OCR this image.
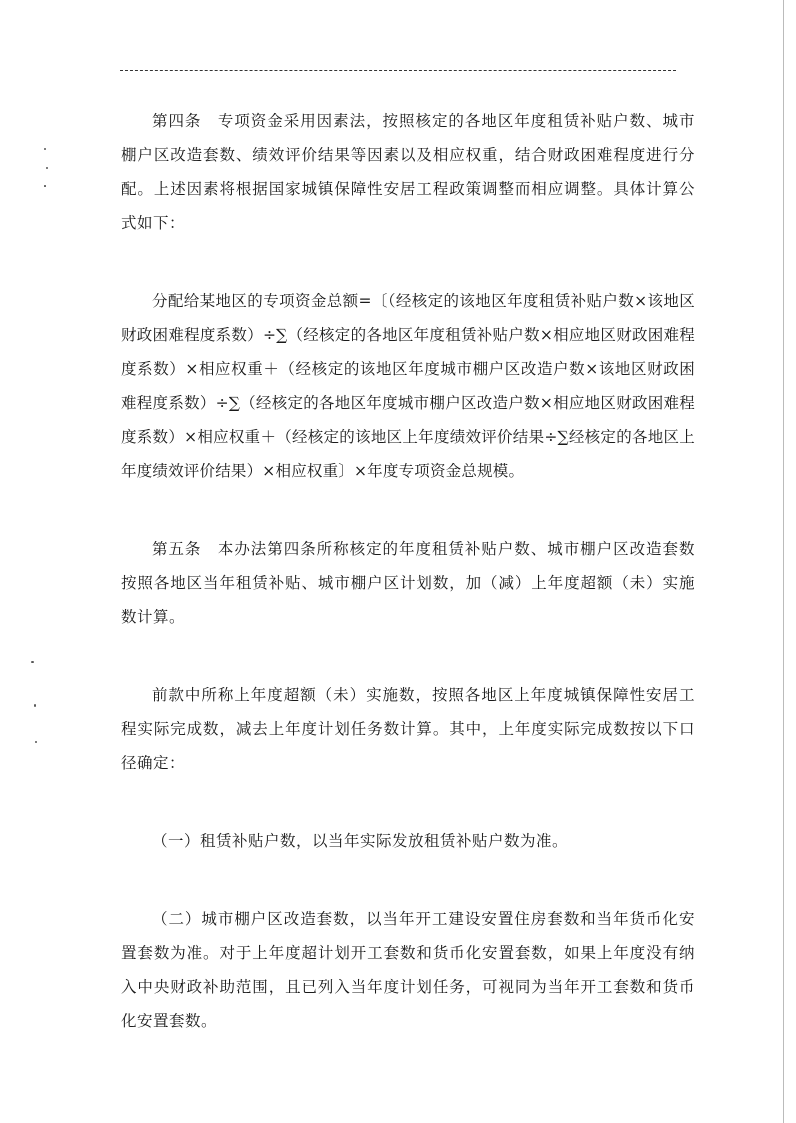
第四条　专项资金采用因素法，按照核定的各地区年度租赁补贴户数、城市棚户区改造套数、绩效评价结果等因素以及相应权重，结合财政困难程度进行分配。上述因素将根据国家城镇保障性安居工程政策调整而相应调整。具体计算公式如下：

分配给某地区的专项资金总额=〔（经核定的该地区年度租赁补贴户数×该地区财政困难程度系数）÷∑（经核定的各地区年度租赁补贴户数×相应地区财政困难程度系数）×相应权重＋（经核定的该地区年度城市棚户区改造户数×该地区财政困难程度系数）÷∑（经核定的各地区年度城市棚户区改造户数×相应地区财政困难程度系数）×相应权重＋（经核定的该地区上年度绩效评价结果÷∑经核定的各地区上年度绩效评价结果）×相应权重〕×年度专项资金总规模。

第五条　本办法第四条所称核定的年度租赁补贴户数、城市棚户区改造套数按照各地区当年租赁补贴、城市棚户区计划数，加（减）上年度超额（未）实施数计算。

前款中所称上年度超额（未）实施数，按照各地区上年度城镇保障性安居工程实际完成数，减去上年度计划任务数计算。其中，上年度实际完成数按以下口径确定：

（一）租赁补贴户数，以当年实际发放租赁补贴户数为准。

（二）城市棚户区改造套数，以当年开工建设安置住房套数和当年货币化安置套数为准。对于上年度超计划开工套数和货币化安置套数，如果上年度没有纳入中央财政补助范围，且已列入当年度计划任务，可视同为当年开工套数和货币化安置套数。
